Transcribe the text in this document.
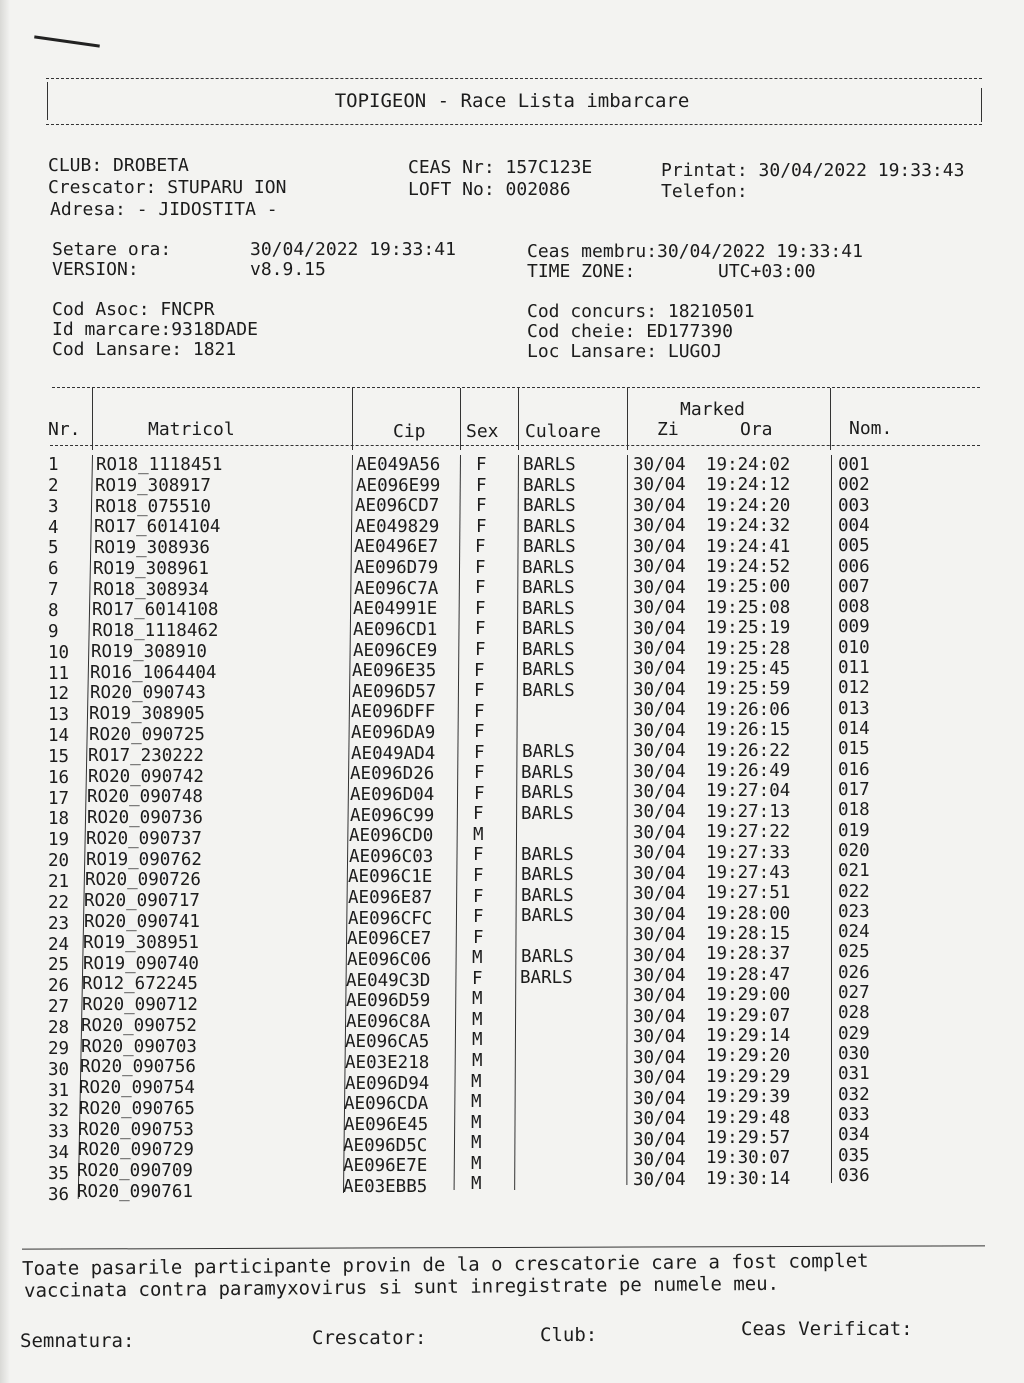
TOPIGEON - Race Lista imbarcare
CLUB: DROBETA
Crescator: STUPARU ION
Adresa: - JIDOSTITA -
CEAS Nr: 157C123E
LOFT No: 002086
Printat: 30/04/2022 19:33:43
Telefon:
Setare ora:	30/04/2022 19:33:41
VERSION:	v8.9.15
Ceas membru:30/04/2022 19:33:41
TIME ZONE:	UTC+03:00
Cod Asoc: FNCPR
Id marcare:9318DADE
Cod Lansare: 1821
Cod concurs: 18210501
Cod cheie: ED177390
Loc Lansare: LUGOJ
Nr.	Matricol	Cip Sex Culoare
Marked
Zi	Ora	Nom.
1 RO18_1118451	AE049A56 F BARLS	30/04 19:24:02	001
2 RO19_308917	AE096E99 F BARLS	30/04 19:24:12	002
3 RO18_075510	AE096CD7 F BARLS	30/04 19:24:20	003
4 RO17_6014104	AE049829 F BARLS	30/04 19:24:32	004
5 RO19_308936	AE0496E7 F BARLS	30/04 19:24:41	005
6 RO19_308961	AE096D79 F BARLS	30/04 19:24:52	006
7 RO18_308934	AE096C7A F BARLS	30/04 19:25:00	007
8 RO17_6014108	AE04991E F BARLS	30/04 19:25:08	008
9 RO18_1118462	AE096CD1 F BARLS	30/04 19:25:19	009
10 RO19_308910	AE096CE9 F BARLS	30/04 19:25:28	010
11 RO16_1064404	AE096E35 F BARLS	30/04 19:25:45	011
12 RO20_090743	AE096D57 F BARLS	30/04 19:25:59	012
13 RO19_308905	AE096DFF F	30/04 19:26:06	013
14 RO20_090725	AE096DA9 F	30/04 19:26:15	014
15 RO17_230222	AE049AD4 F BARLS	30/04 19:26:22	015
16 RO20_090742	AE096D26 F BARLS	30/04 19:26:49	016
17 RO20_090748	AE096D04 F BARLS	30/04 19:27:04	017
18 RO20_090736	AE096C99 F BARLS	30/04 19:27:13	018
19 RO20_090737	AE096CD0 M	30/04 19:27:22	019
20 RO19_090762	AE096C03 F BARLS	30/04 19:27:33	020
21 RO20_090726	AE096C1E F BARLS	30/04 19:27:43	021
22 RO20_090717	AE096E87 F BARLS	30/04 19:27:51	022
23 RO20_090741	AE096CFC F BARLS	30/04 19:28:00	023
24 RO19_308951	AE096CE7 F	30/04 19:28:15	024
25 RO19_090740	AE096C06 M BARLS	30/04 19:28:37	025
26 RO12_672245	AE049C3D F BARLS	30/04 19:28:47	026
27 RO20_090712	AE096D59 M	30/04 19:29:00	027
28 RO20_090752	AE096C8A M	30/04 19:29:07	028
29 RO20_090703	AE096CA5 M	30/04 19:29:14	029
30 RO20_090756	AE03E218 M	30/04 19:29:20	030
31 RO20_090754	AE096D94 M	30/04 19:29:29	031
32 RO20_090765	AE096CDA M	30/04 19:29:39	032
33 RO20_090753	AE096E45 M	30/04 19:29:48	033
34 RO20_090729	AE096D5C M	30/04 19:29:57	034
35 RO20_090709	AE096E7E M	30/04 19:30:07	035
36 RO20_090761	AE03EBB5 M	30/04 19:30:14	036
Toate pasarile participante provin de la o crescatorie care a fost complet
vaccinata contra paramyxovirus si sunt inregistrate pe numele meu.
Semnatura:	Crescator:	Club:	Ceas Verificat:
